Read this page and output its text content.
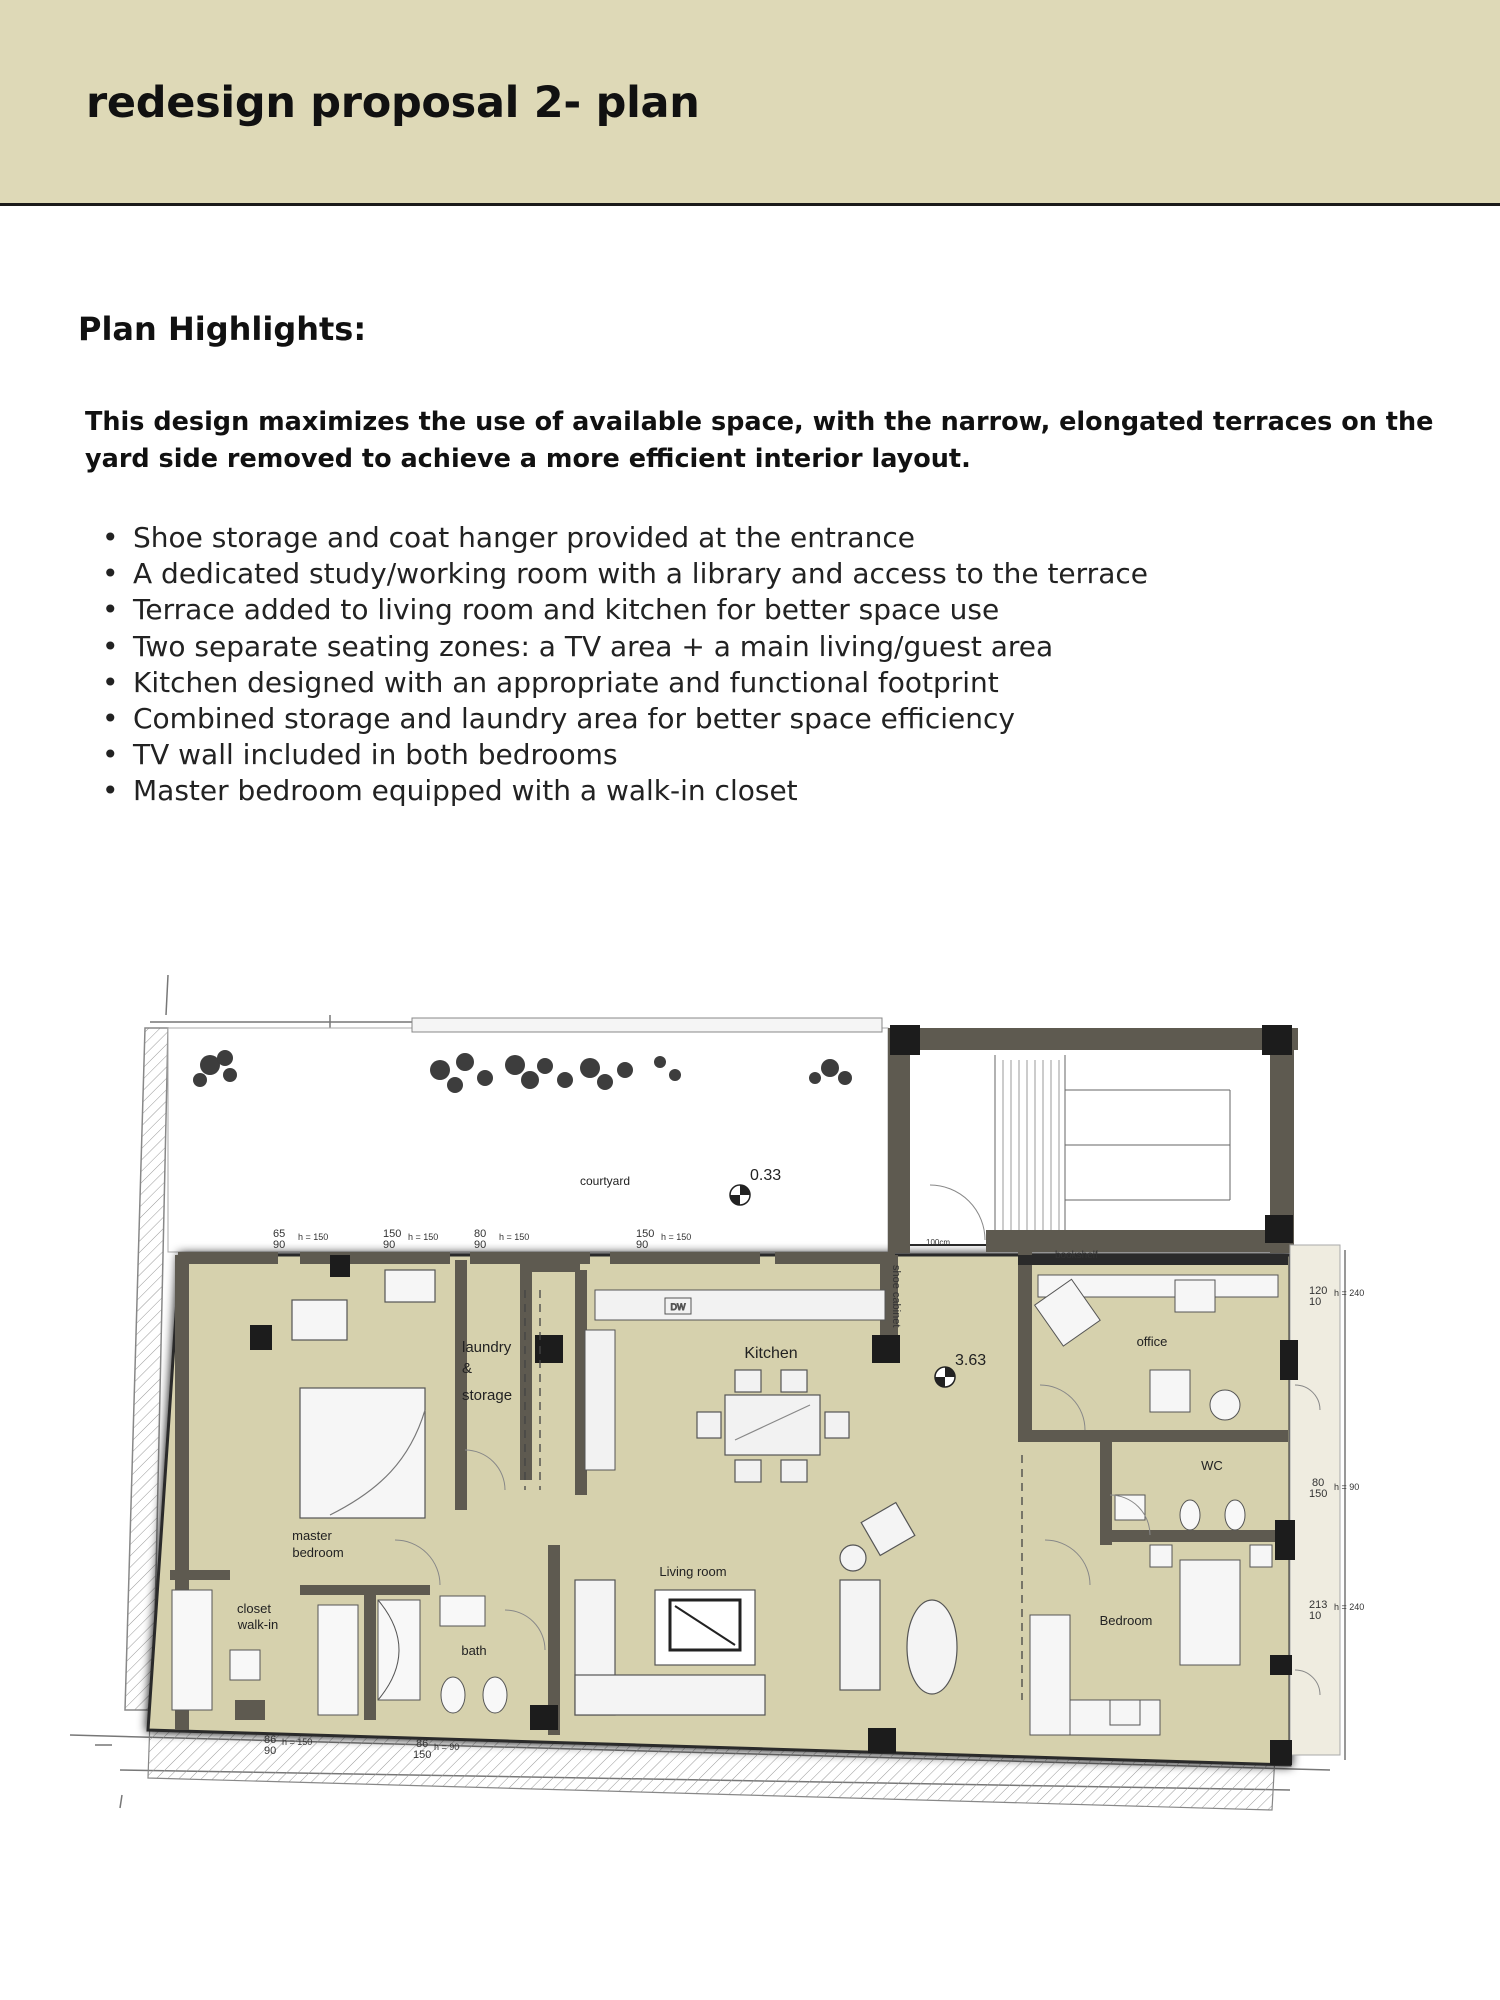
redesign proposal 2- plan
Plan Highlights:

This design maximizes the use of available space, with the narrow, elongated terraces on the yard side removed to achieve a more efficient interior layout.

• Shoe storage and coat hanger provided at the entrance
• A dedicated study/working room with a library and access to the terrace
• Terrace added to living room and kitchen for better space use
• Two separate seating zones: a TV area + a main living/guest area
• Kitchen designed with an appropriate and functional footprint
• Combined storage and laundry area for better space efficiency
• TV wall included in both bedrooms
• Master bedroom equipped with a walk-in closet
DW
0.33
3.63
courtyard
Kitchen
laundry
&
storage
office
WC
master
bedroom
closet
walk-in
bath
Living room
Bedroom
shoe cabinet
bookshelf
100cm
65
90
h = 150	150
90
h = 150	80
90
h = 150	150
90
h = 150
120
10
h = 240
80
150
h = 90
213
10
h = 240
86
90
h = 150	86
150
h = 90
